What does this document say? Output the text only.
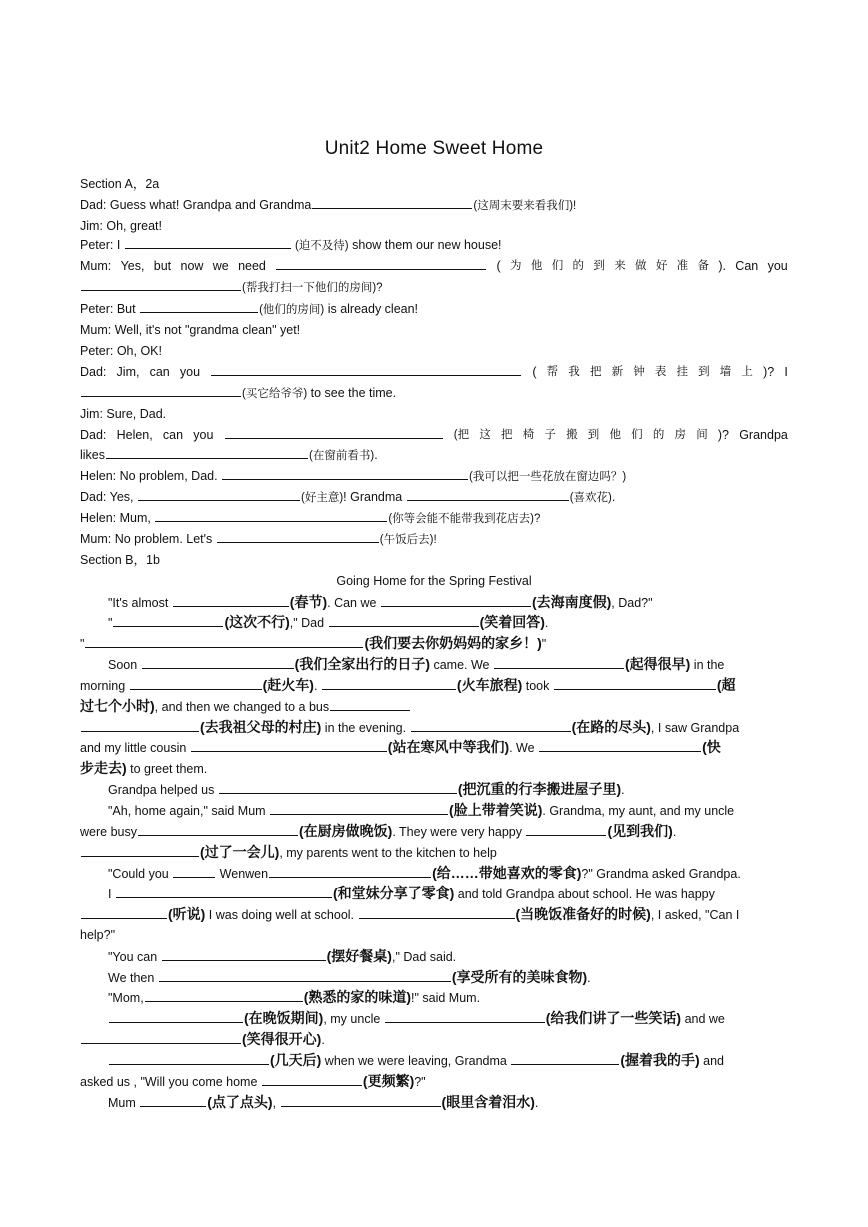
Unit2 Home Sweet Home
Section A，2a
Dad: Guess what! Grandpa and Grandma	(这周末要来看我们)!
Jim: Oh, great!
Peter: I	(迫不及待) show them our new house!
Mum: Yes, but now we need	( 为 他 们 的 到 来 做 好 准 备 ). Can you
(帮我打扫一下他们的房间)?
Peter: But	(他们的房间) is already clean!
Mum: Well, it's not "grandma clean" yet!
Peter: Oh, OK!
Dad: Jim, can you	( 帮 我 把 新 钟 表 挂 到 墙 上 )? I
(买它给爷爷) to see the time.
Jim: Sure, Dad.
Dad: Helen, can you	(把 这 把 椅 子 搬 到 他 们 的 房 间 )? Grandpa
likes	(在窗前看书).
Helen: No problem, Dad.	(我可以把一些花放在窗边吗？)
Dad: Yes,	(好主意)! Grandma	(喜欢花).
Helen: Mum,	(你等会能不能带我到花店去)?
Mum: No problem. Let's	(午饭后去)!
Section B，1b
Going Home for the Spring Festival
"It's almost	(春节). Can we	(去海南度假), Dad?"
"	(这次不行)," Dad	(笑着回答).
"	(我们要去你奶妈妈的家乡！)"
Soon	(我们全家出行的日子) came. We	(起得很早) in the
morning	(赶火车).	(火车旅程) took	(超
过七个小时), and then we changed to a bus
(去我祖父母的村庄) in the evening.	(在路的尽头), I saw Grandpa
and my little cousin	(站在寒风中等我们). We	(快
步走去) to greet them.
Grandpa helped us	(把沉重的行李搬进屋子里).
"Ah, home again," said Mum	(脸上带着笑说). Grandma, my aunt, and my uncle
were busy	(在厨房做晚饭). They were very happy	(见到我们).
(过了一会儿), my parents went to the kitchen to help
"Could you	Wenwen	(给……带她喜欢的零食)?" Grandma asked Grandpa.
I	(和堂妹分享了零食) and told Grandpa about school. He was happy
(听说) I was doing well at school.	(当晚饭准备好的时候), I asked, "Can I
help?"
"You can	(摆好餐桌)," Dad said.
We then	(享受所有的美味食物).
"Mom,	(熟悉的家的味道)!" said Mum.
(在晚饭期间), my uncle	(给我们讲了一些笑话) and we
(笑得很开心).
(几天后) when we were leaving, Grandma	(握着我的手) and
asked us , "Will you come home	(更频繁)?"
Mum	(点了点头),	(眼里含着泪水).
